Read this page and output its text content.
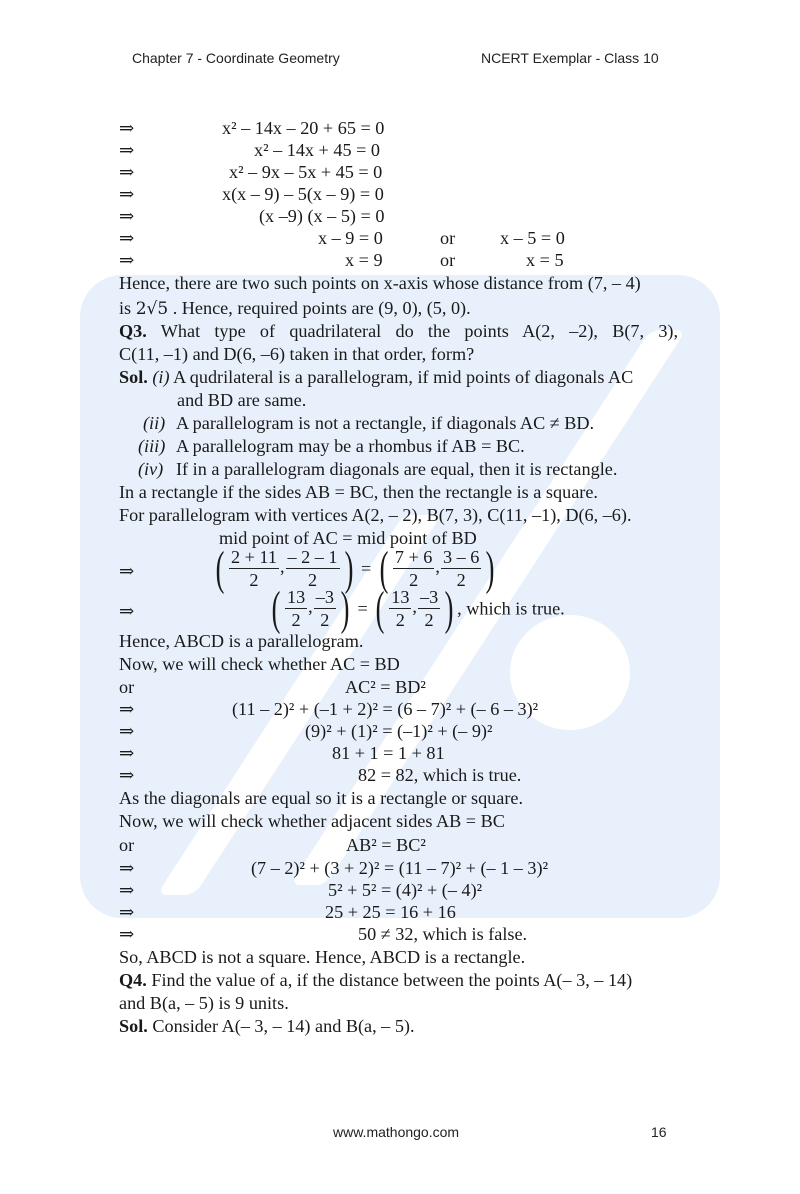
Chapter 7 - Coordinate Geometry	NCERT Exemplar - Class 10
⇒	x² – 14x – 20 + 65 = 0
⇒	x² – 14x + 45 = 0
⇒	x² – 9x – 5x + 45 = 0
⇒	x(x – 9) – 5(x – 9) = 0
⇒	(x –9) (x – 5) = 0
⇒	x – 9 = 0	or x – 5 = 0
⇒	x = 9	or	x = 5
Hence, there are two such points on x-axis whose distance from (7, – 4)
is 2√5 . Hence, required points are (9, 0), (5, 0).
Q3. What type of quadrilateral do the points A(2, –2), B(7, 3),
C(11, –1) and D(6, –6) taken in that order, form?
Sol. (i) A qudrilateral is a parallelogram, if mid points of diagonals AC
and BD are same.
(ii) A parallelogram is not a rectangle, if diagonals AC ≠ BD.
(iii) A parallelogram may be a rhombus if AB = BC.
(iv) If in a parallelogram diagonals are equal, then it is rectangle.
In a rectangle if the sides AB = BC, then the rectangle is a square.
For parallelogram with vertices A(2, – 2), B(7, 3), C(11, –1), D(6, –6).
mid point of AC = mid point of BD
⇒ ( $\frac{2 + 11}{2}$ , $\frac{- 2 - 1}{2}$ ) = ( $\frac{7 + 6}{2}$ , $\frac{3 - 6}{2}$ )
⇒	( $\frac{13}{2}$ , $\frac{-3}{2}$ ) = ( $\frac{13}{2}$ , $\frac{-3}{2}$ ) , which is true.
Hence, ABCD is a parallelogram.
Now, we will check whether AC = BD
or	AC² = BD²
⇒	(11 – 2)² + (–1 + 2)² = (6 – 7)² + (– 6 – 3)²
⇒	(9)² + (1)² = (–1)² + (– 9)²
⇒	81 + 1 = 1 + 81
⇒	82 = 82, which is true.
As the diagonals are equal so it is a rectangle or square.
Now, we will check whether adjacent sides AB = BC
or	AB² = BC²
⇒	(7 – 2)² + (3 + 2)² = (11 – 7)² + (– 1 – 3)²
⇒	5² + 5² = (4)² + (– 4)²
⇒	25 + 25 = 16 + 16
⇒	50 ≠ 32, which is false.
So, ABCD is not a square. Hence, ABCD is a rectangle.
Q4. Find the value of a, if the distance between the points A(– 3, – 14)
and B(a, – 5) is 9 units.
Sol. Consider A(– 3, – 14) and B(a, – 5).
www.mathongo.com	16
